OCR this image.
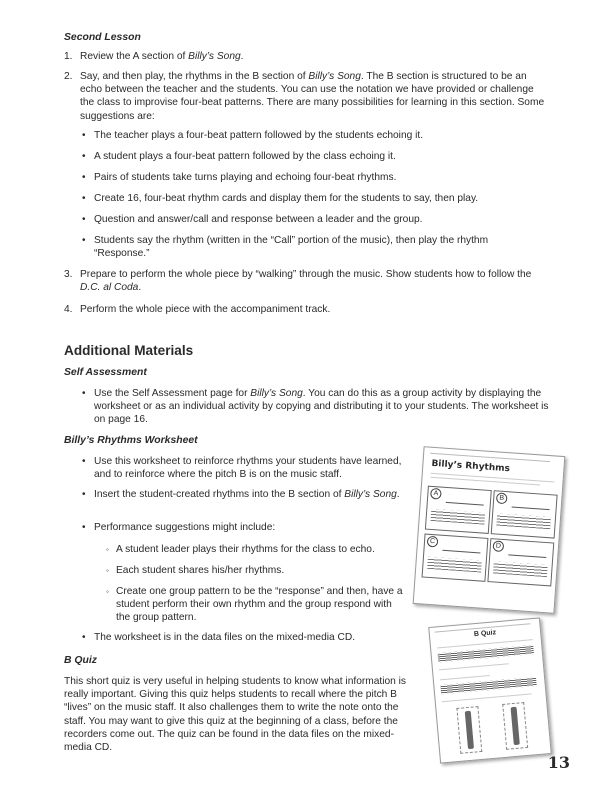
Second Lesson
1. Review the A section of Billy’s Song.
2. Say, and then play, the rhythms in the B section of Billy’s Song. The B section is structured to be an echo between the teacher and the students. You can use the notation we have provided or challenge the class to improvise four-beat patterns. There are many possibilities for learning in this section. Some suggestions are:
• The teacher plays a four-beat pattern followed by the students echoing it.
• A student plays a four-beat pattern followed by the class echoing it.
• Pairs of students take turns playing and echoing four-beat rhythms.
• Create 16, four-beat rhythm cards and display them for the students to say, then play.
• Question and answer/call and response between a leader and the group.
• Students say the rhythm (written in the “Call” portion of the music), then play the rhythm “Response.”
3. Prepare to perform the whole piece by “walking” through the music. Show students how to follow the D.C. al Coda.
4. Perform the whole piece with the accompaniment track.
Additional Materials
Self Assessment
• Use the Self Assessment page for Billy’s Song. You can do this as a group activity by displaying the worksheet or as an individual activity by copying and distributing it to your students. The worksheet is on page 16.
Billy’s Rhythms Worksheet
• Use this worksheet to reinforce rhythms your students have learned, and to reinforce where the pitch B is on the music staff.
• Insert the student-created rhythms into the B section of Billy’s Song.
• Performance suggestions might include:
◦ A student leader plays their rhythms for the class to echo.
◦ Each student shares his/her rhythms.
◦ Create one group pattern to be the “response” and then, have a student perform their own rhythm and the group respond with the group pattern.
• The worksheet is in the data files on the mixed-media CD.
B Quiz
This short quiz is very useful in helping students to know what information is really important. Giving this quiz helps students to recall where the pitch B “lives” on the music staff. It also challenges them to write the note onto the staff. You may want to give this quiz at the beginning of a class, before the recorders come out. The quiz can be found in the data files on the mixed-media CD.
Billy’s Rhythms
A
B
C
D
B Quiz
13
